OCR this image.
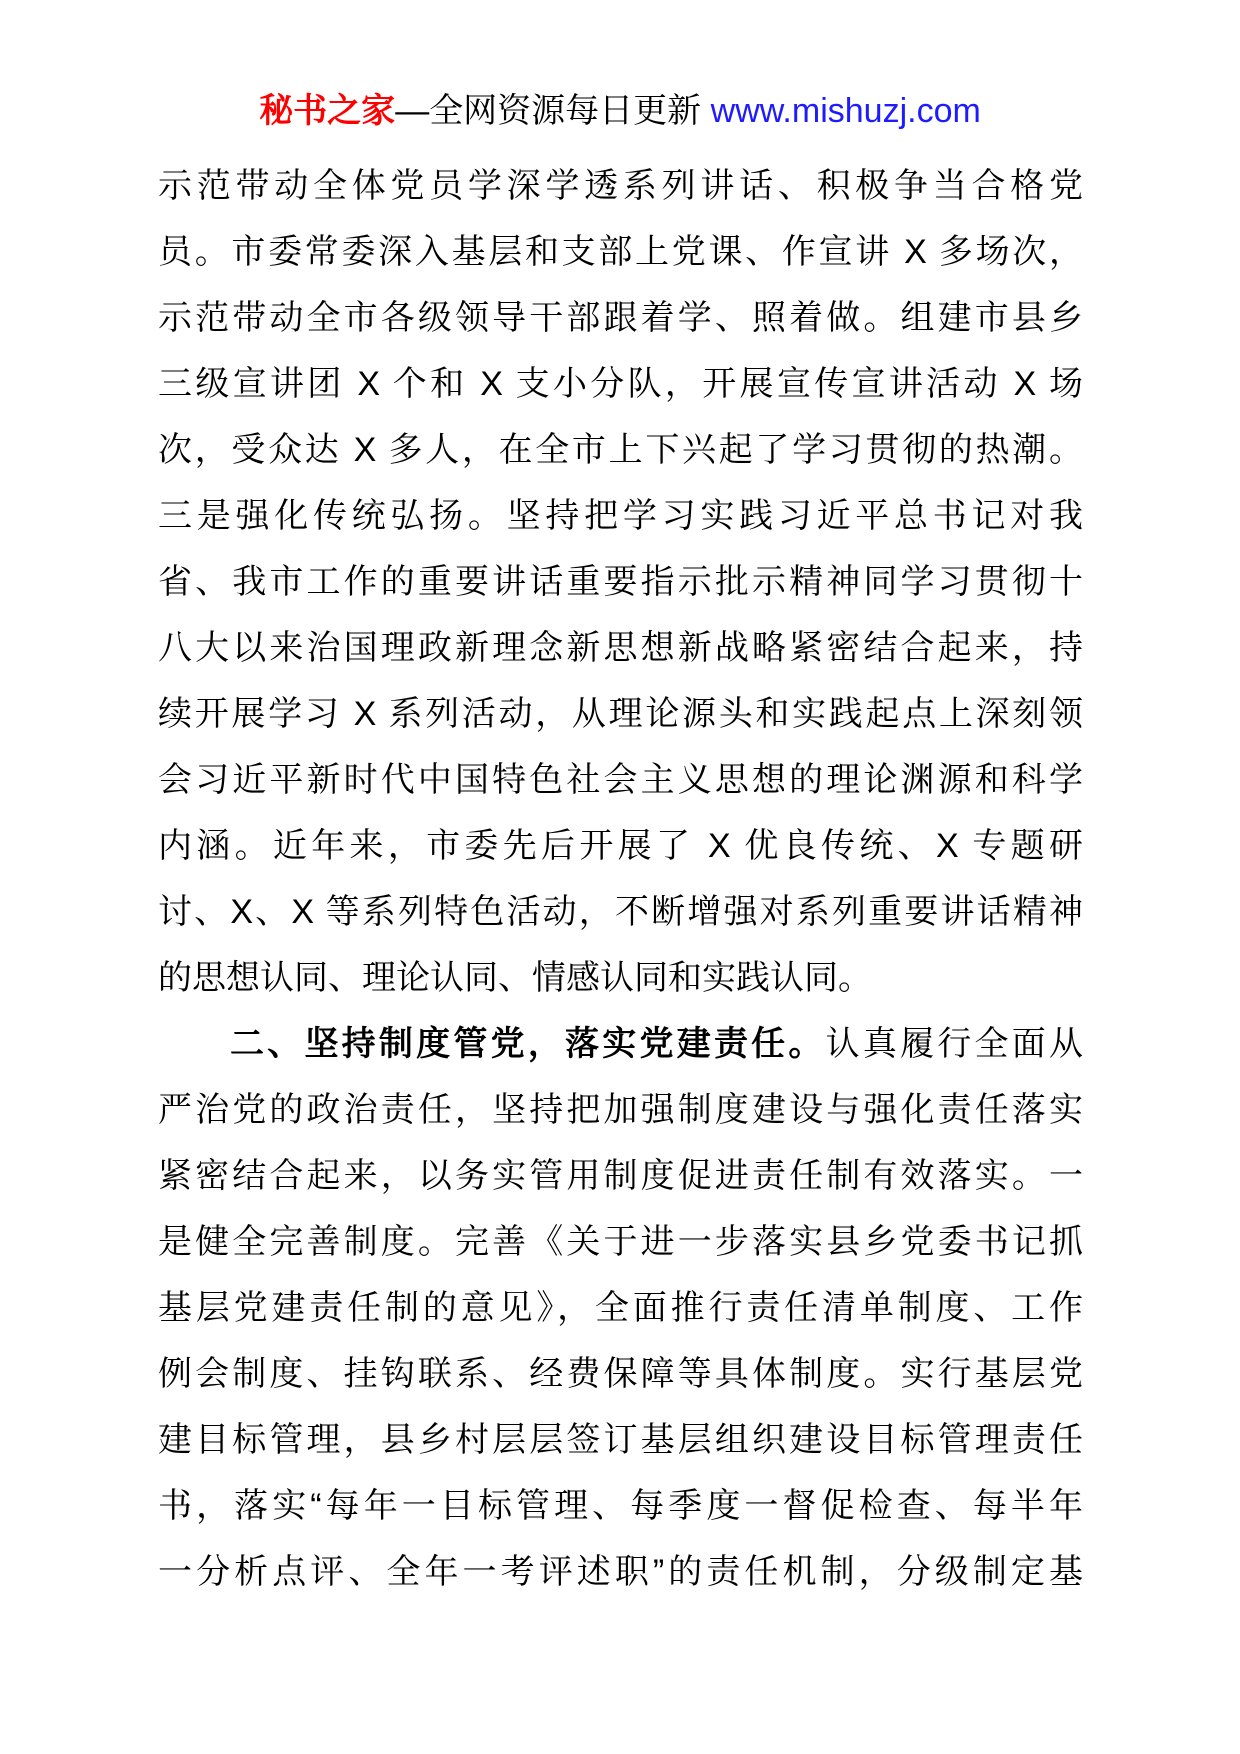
秘书之家—全网资源每日更新 www.mishuzj.com
示范带动全体党员学深学透系列讲话、积极争当合格党
员。市委常委深入基层和支部上党课、作宣讲 X 多场次，
示范带动全市各级领导干部跟着学、照着做。组建市县乡
三级宣讲团 X 个和 X 支小分队，开展宣传宣讲活动 X 场
次，受众达 X 多人，在全市上下兴起了学习贯彻的热潮。
三是强化传统弘扬。坚持把学习实践习近平总书记对我
省、我市工作的重要讲话重要指示批示精神同学习贯彻十
八大以来治国理政新理念新思想新战略紧密结合起来，持
续开展学习 X 系列活动，从理论源头和实践起点上深刻领
会习近平新时代中国特色社会主义思想的理论渊源和科学
内涵。近年来，市委先后开展了 X 优良传统、X 专题研
讨、X、X 等系列特色活动，不断增强对系列重要讲话精神
的思想认同、理论认同、情感认同和实践认同。
二、坚持制度管党，落实党建责任。认真履行全面从
严治党的政治责任，坚持把加强制度建设与强化责任落实
紧密结合起来，以务实管用制度促进责任制有效落实。一
是健全完善制度。完善《关于进一步落实县乡党委书记抓
基层党建责任制的意见》，全面推行责任清单制度、工作
例会制度、挂钩联系、经费保障等具体制度。实行基层党
建目标管理，县乡村层层签订基层组织建设目标管理责任
书，落实“每年一目标管理、每季度一督促检查、每半年
一分析点评、全年一考评述职”的责任机制，分级制定基
